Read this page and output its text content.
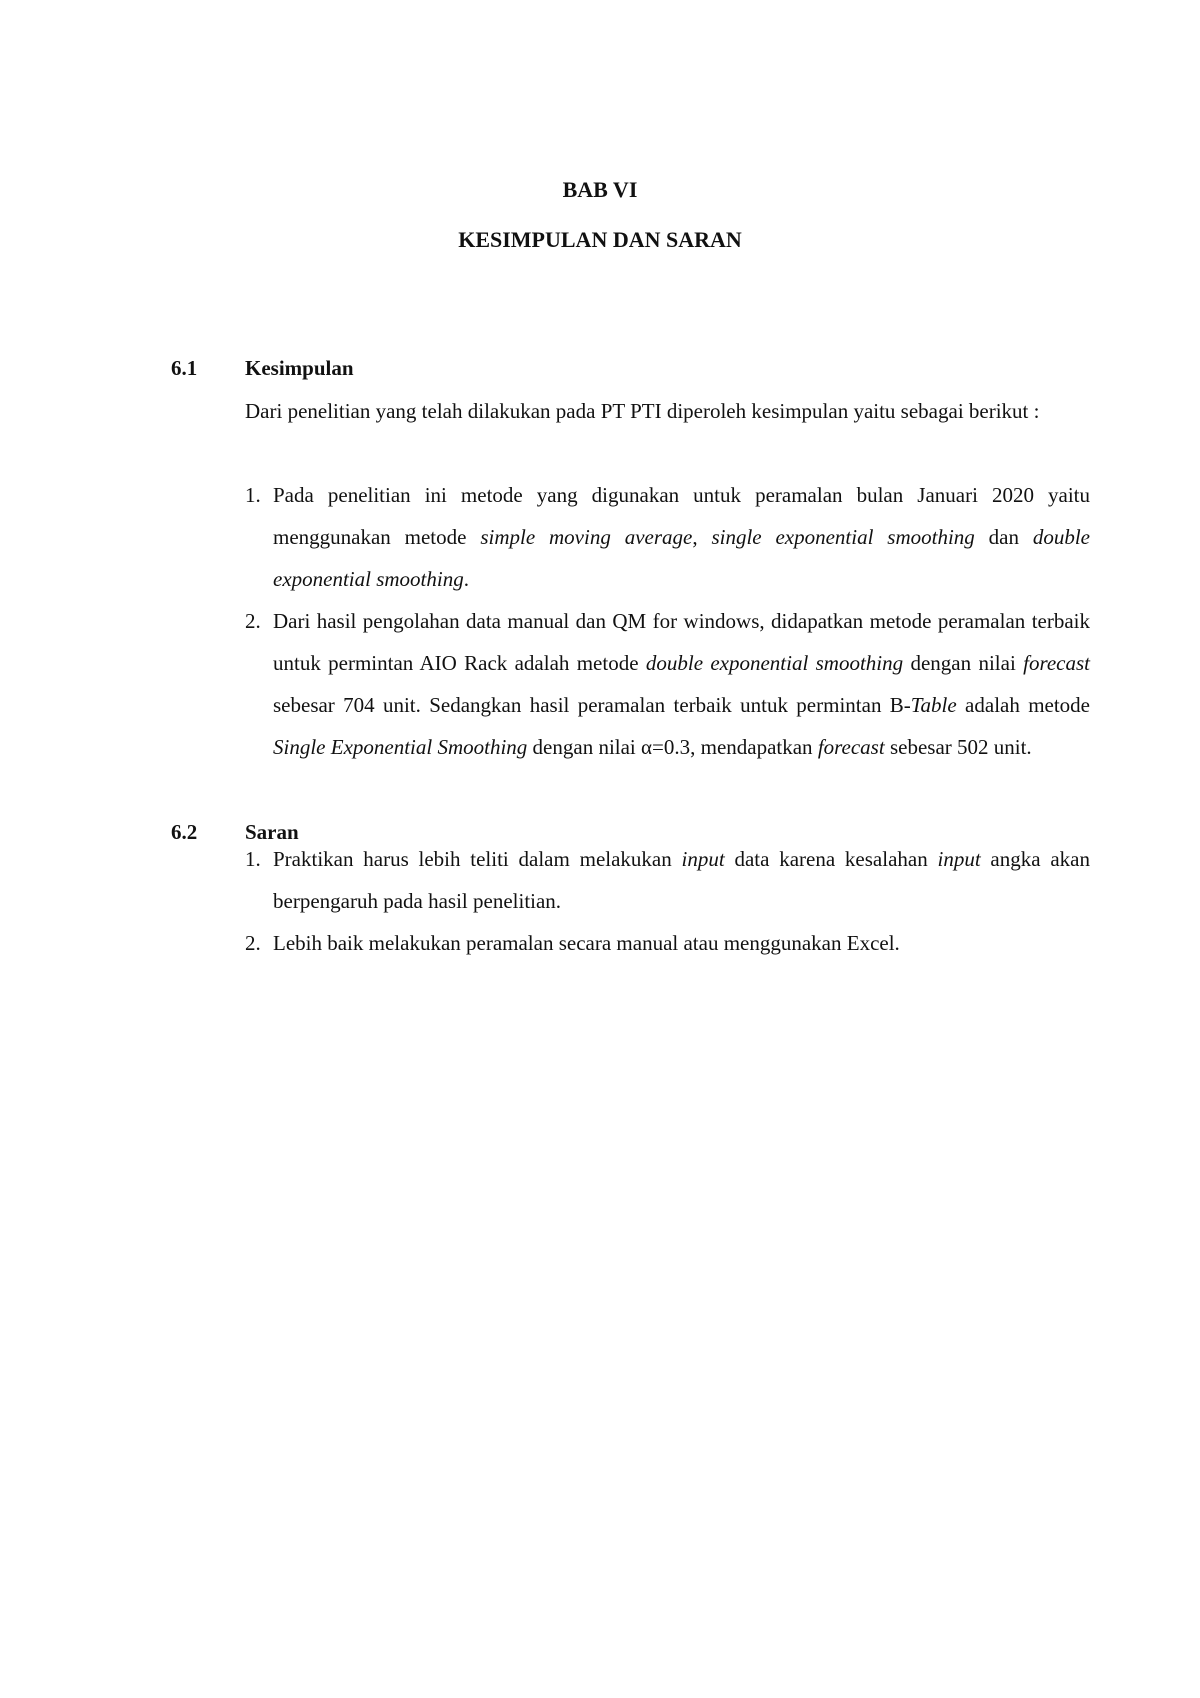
BAB VI
KESIMPULAN DAN SARAN
6.1 Kesimpulan

Dari penelitian yang telah dilakukan pada PT PTI diperoleh kesimpulan yaitu sebagai berikut :

1. Pada penelitian ini metode yang digunakan untuk peramalan bulan Januari 2020 yaitu menggunakan metode simple moving average, single exponential smoothing dan double exponential smoothing.
2. Dari hasil pengolahan data manual dan QM for windows, didapatkan metode peramalan terbaik untuk permintan AIO Rack adalah metode double exponential smoothing dengan nilai forecast sebesar 704 unit. Sedangkan hasil peramalan terbaik untuk permintan B-Table adalah metode Single Exponential Smoothing dengan nilai α=0.3, mendapatkan forecast sebesar 502 unit.
6.2 Saran
1. Praktikan harus lebih teliti dalam melakukan input data karena kesalahan input angka akan berpengaruh pada hasil penelitian.
2. Lebih baik melakukan peramalan secara manual atau menggunakan Excel.
